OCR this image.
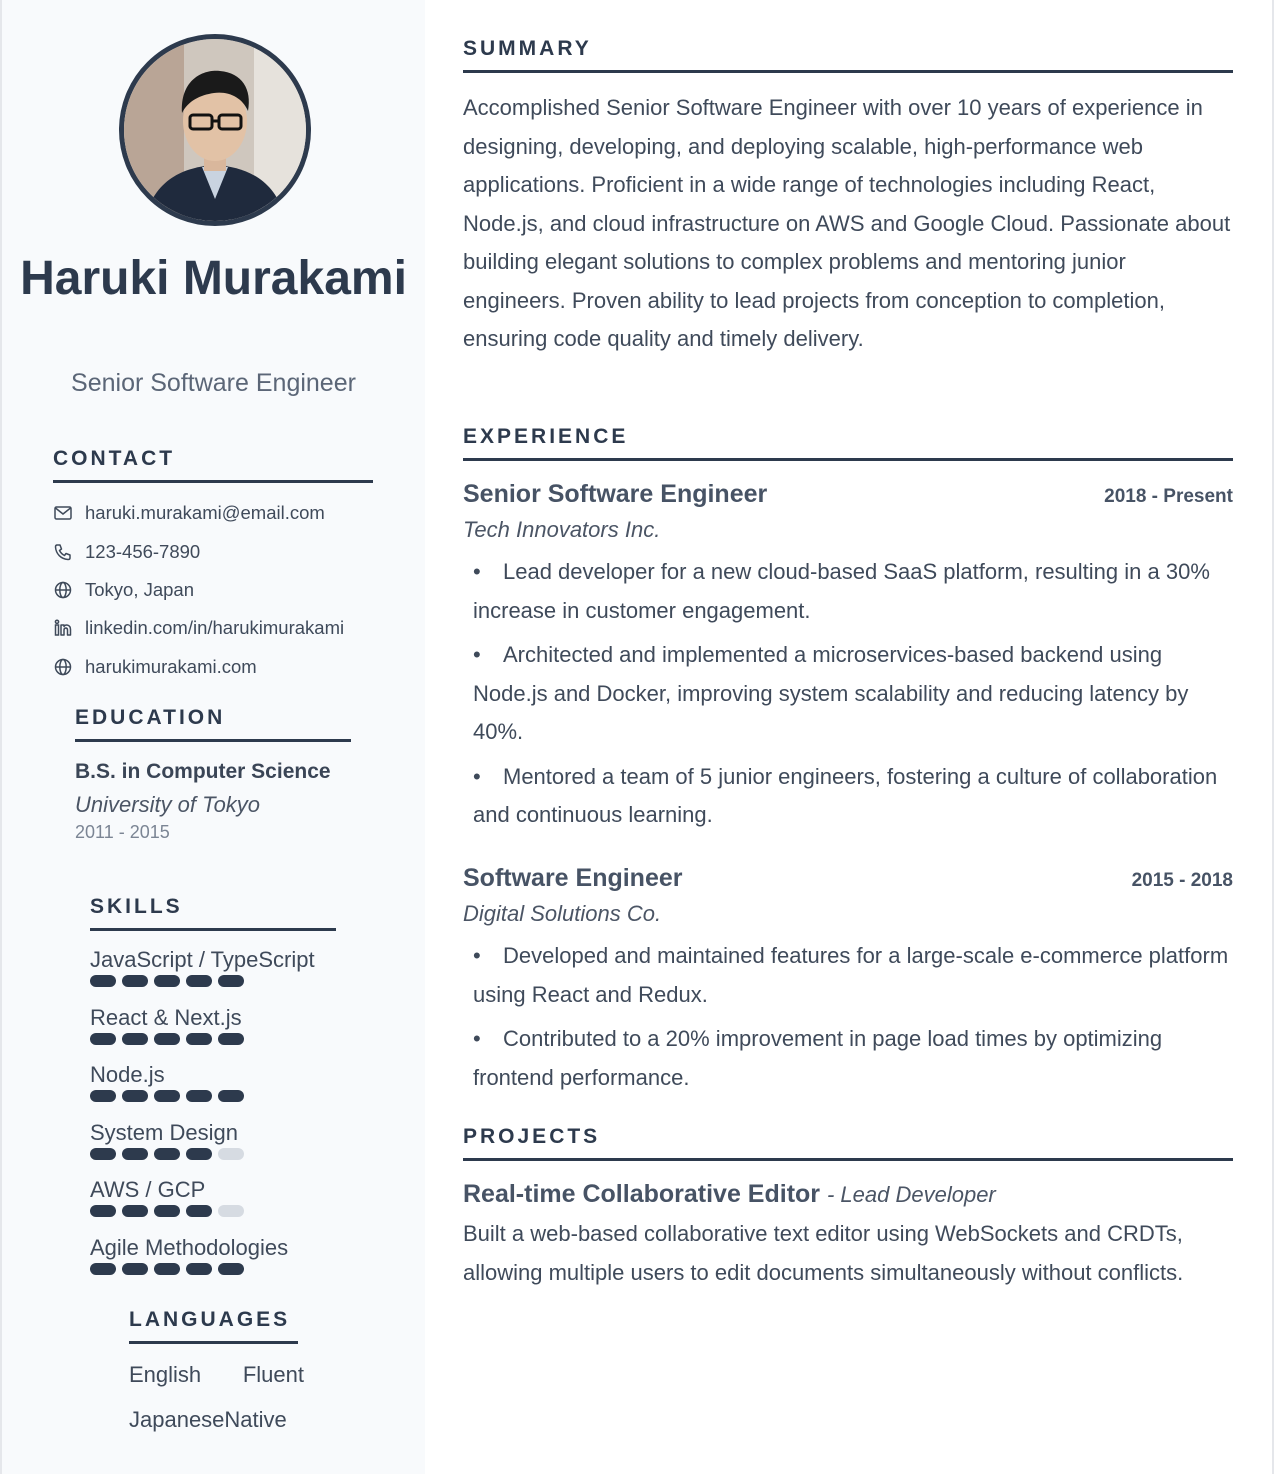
Haruki Murakami
Senior Software Engineer
CONTACT
haruki.murakami@email.com
123-456-7890
Tokyo, Japan
linkedin.com/in/harukimurakami
harukimurakami.com
EDUCATION
B.S. in Computer Science
University of Tokyo
2011 - 2015
SKILLS
JavaScript / TypeScript
React & Next.js
Node.js
System Design
AWS / GCP
Agile Methodologies
LANGUAGES
English Fluent
Japanese Native
SUMMARY
Accomplished Senior Software Engineer with over 10 years of experience in designing, developing, and deploying scalable, high-performance web applications. Proficient in a wide range of technologies including React, Node.js, and cloud infrastructure on AWS and Google Cloud. Passionate about building elegant solutions to complex problems and mentoring junior engineers. Proven ability to lead projects from conception to completion, ensuring code quality and timely delivery.
EXPERIENCE
Senior Software Engineer	2018 - Present
Tech Innovators Inc.
• Lead developer for a new cloud-based SaaS platform, resulting in a 30% increase in customer engagement.
• Architected and implemented a microservices-based backend using Node.js and Docker, improving system scalability and reducing latency by 40%.
• Mentored a team of 5 junior engineers, fostering a culture of collaboration and continuous learning.
Software Engineer	2015 - 2018
Digital Solutions Co.
• Developed and maintained features for a large-scale e-commerce platform using React and Redux.
• Contributed to a 20% improvement in page load times by optimizing frontend performance.
PROJECTS
Real-time Collaborative Editor - Lead Developer
Built a web-based collaborative text editor using WebSockets and CRDTs, allowing multiple users to edit documents simultaneously without conflicts.
